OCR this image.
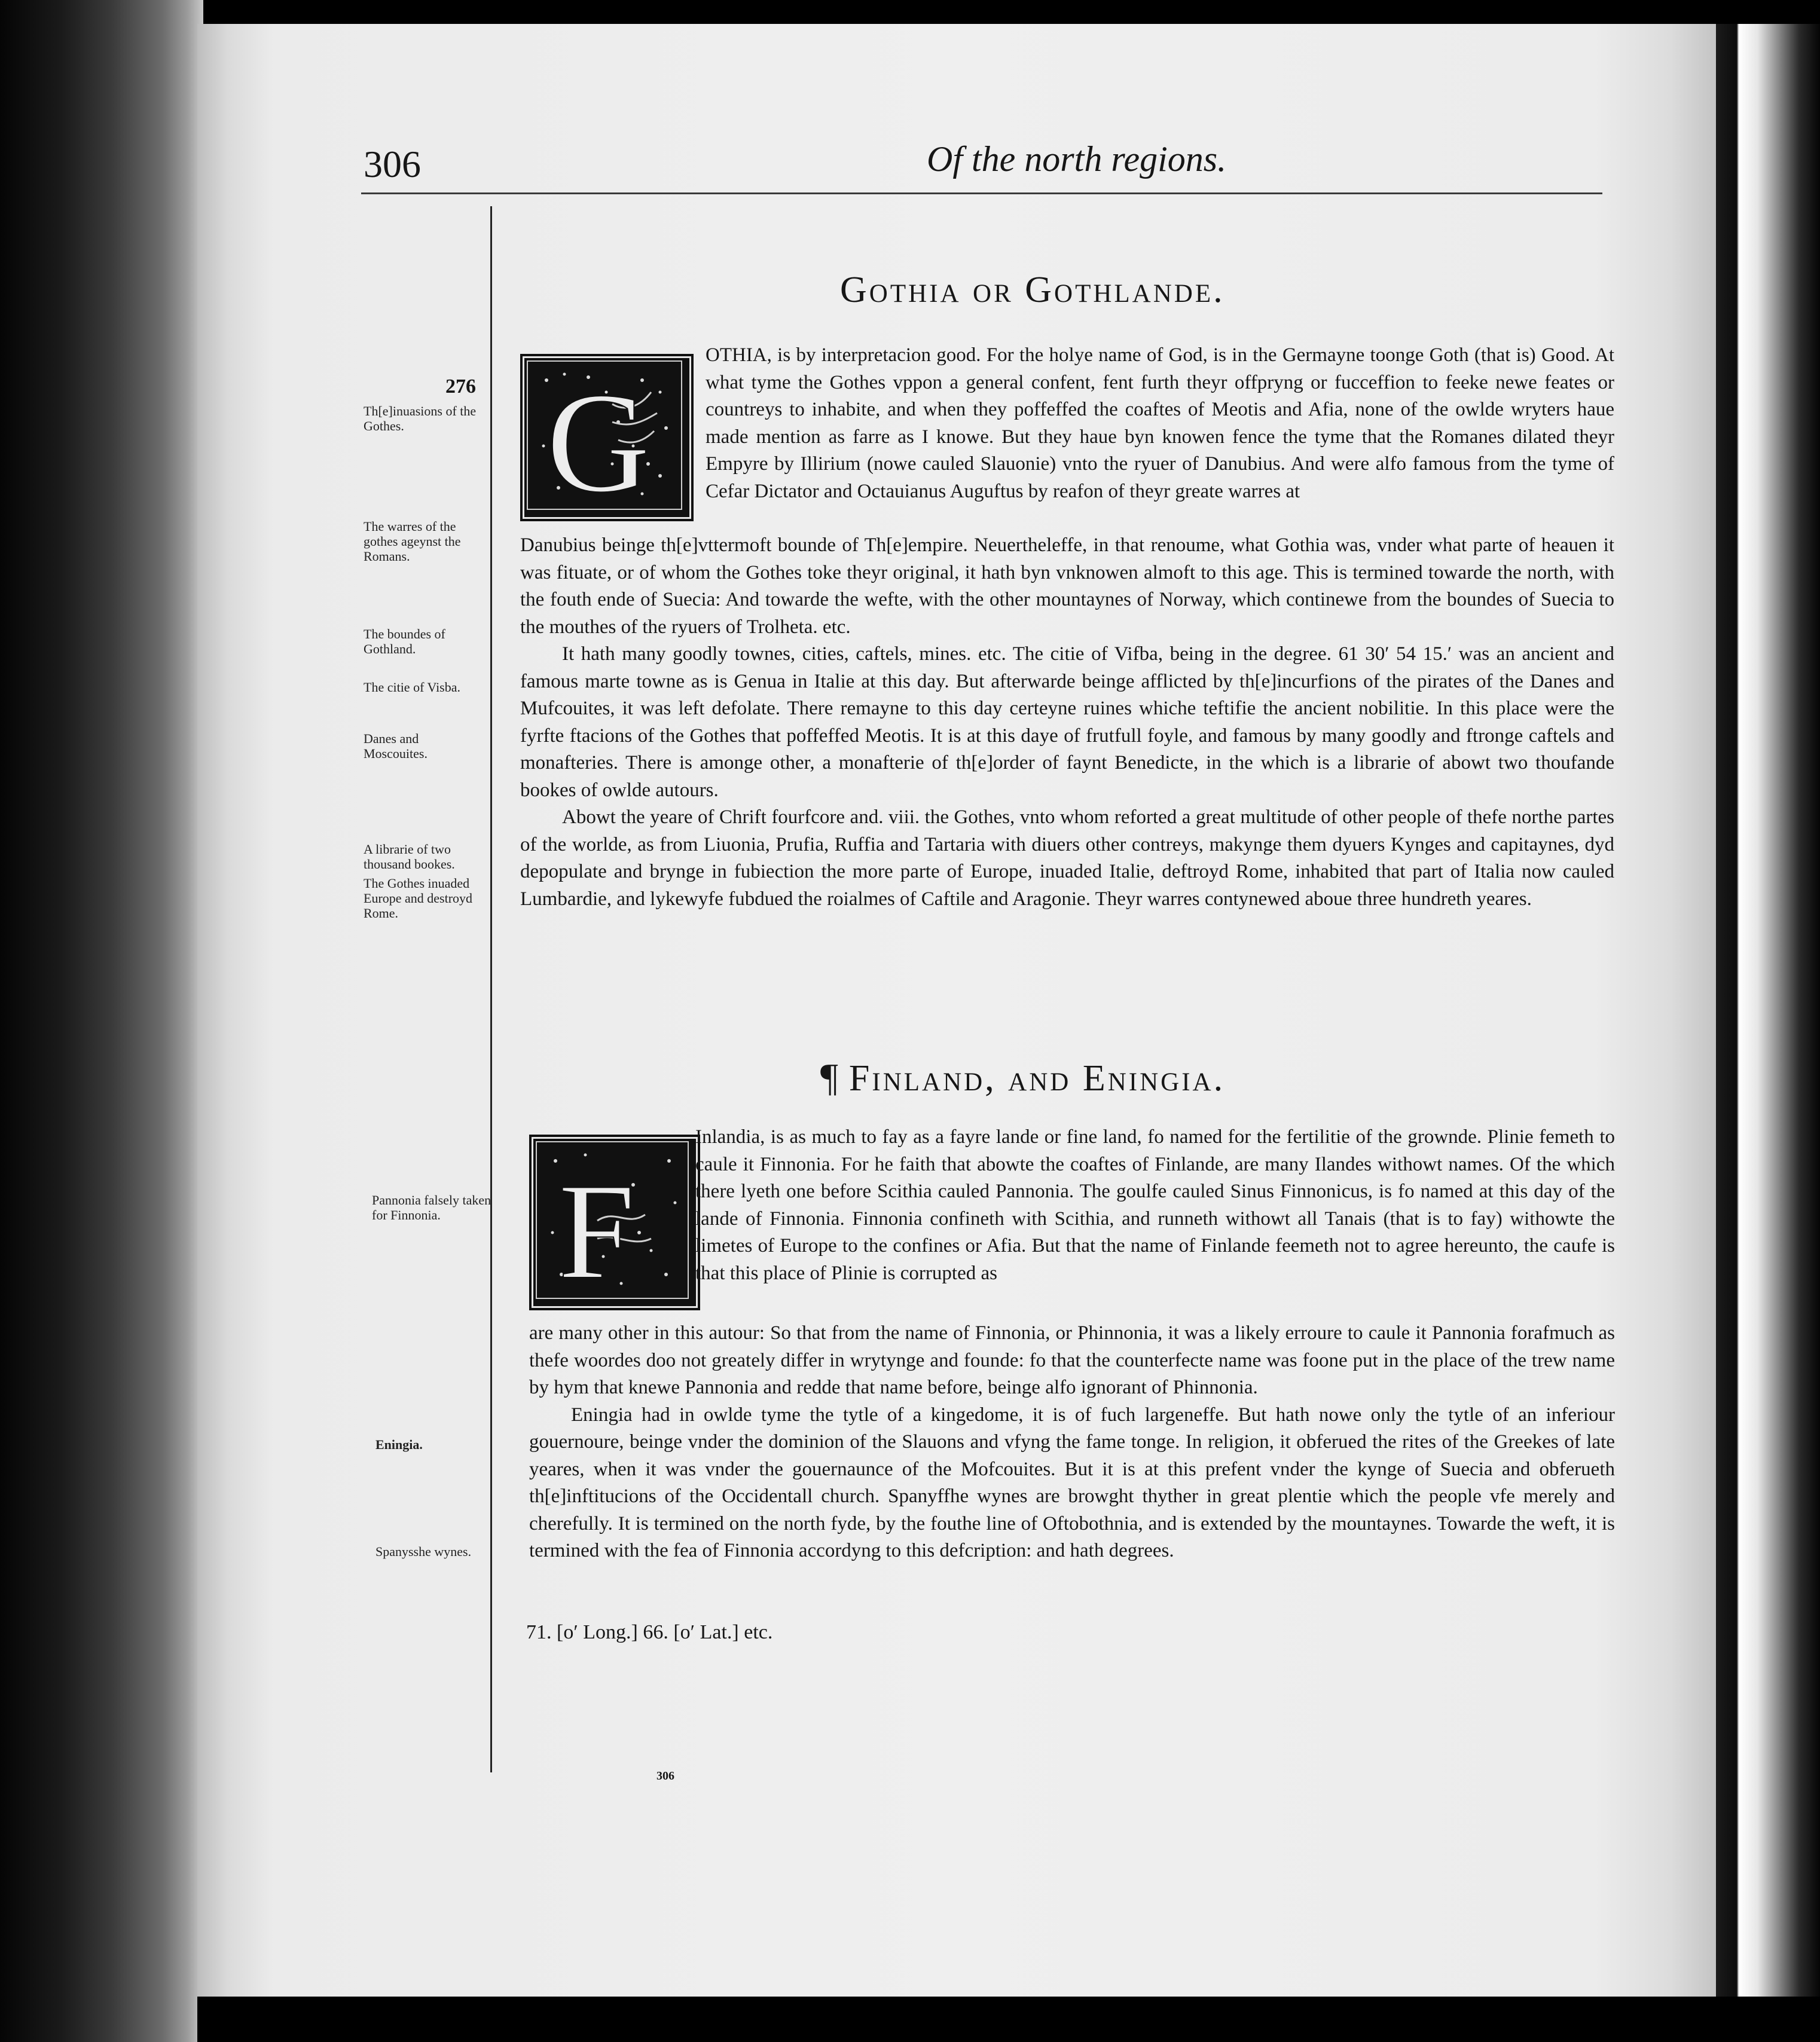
306	Of the north regions.
276
Th[e]inuasions of the Gothes.
The warres of the gothes ageynst the Romans.
The boundes of Gothland.
The citie of Visba.
Danes and Moscouites.
A librarie of two thousand bookes.
The Gothes inuaded Europe and destroyd Rome.
Pannonia falsely taken for Finnonia.
Eningia.
Spanysshe wynes.
Gothia or Gothlande.
G

OTHIA, is by interpretacion good. For the holye name of God, is in the Germayne toonge Goth (that is) Good. At what tyme the Gothes vppon a general confent, fent furth theyr offpryng or fucceffion to feeke newe feates or countreys to inhabite, and when they poffeffed the coaftes of Meotis and Afia, none of the owlde wryters haue made mention as farre as I knowe. But they haue byn knowen fence the tyme that the Romanes dilated theyr Empyre by Illirium (nowe cauled Slauonie) vnto the ryuer of Danubius. And were alfo famous from the tyme of Cefar Dictator and Octauianus Auguftus by reafon of theyr greate warres at

Danubius beinge th[e]vttermoft bounde of Th[e]empire. Neuertheleffe, in that renoume, what Gothia was, vnder what parte of heauen it was fituate, or of whom the Gothes toke theyr original, it hath byn vnknowen almoft to this age. This is termined towarde the north, with the fouth ende of Suecia: And towarde the wefte, with the other mountaynes of Norway, which continewe from the boundes of Suecia to the mouthes of the ryuers of Trolheta. etc.

It hath many goodly townes, cities, caftels, mines. etc. The citie of Vifba, being in the degree. 61 30′ 54 15.′ was an ancient and famous marte towne as is Genua in Italie at this day. But afterwarde beinge afflicted by th[e]incurfions of the pirates of the Danes and Mufcouites, it was left defolate. There remayne to this day certeyne ruines whiche teftifie the ancient nobilitie. In this place were the fyrfte ftacions of the Gothes that poffeffed Meotis. It is at this daye of frutfull foyle, and famous by many goodly and ftronge caftels and monafteries. There is amonge other, a monafterie of th[e]order of faynt Benedicte, in the which is a librarie of abowt two thoufande bookes of owlde autours.

Abowt the yeare of Chrift fourfcore and. viii. the Gothes, vnto whom reforted a great multitude of other people of thefe northe partes of the worlde, as from Liuonia, Prufia, Ruffia and Tartaria with diuers other contreys, makynge them dyuers Kynges and capitaynes, dyd depopulate and brynge in fubiection the more parte of Europe, inuaded Italie, deftroyd Rome, inhabited that part of Italia now cauled Lumbardie, and lykewyfe fubdued the roialmes of Caftile and Aragonie. Theyr warres contynewed aboue three hundreth yeares.

¶ Finland, and Eningia.
F

Inlandia, is as much to fay as a fayre lande or fine land, fo named for the fertilitie of the grownde. Plinie femeth to caule it Finnonia. For he faith that abowte the coaftes of Finlande, are many Ilandes withowt names. Of the which there lyeth one before Scithia cauled Pannonia. The goulfe cauled Sinus Finnonicus, is fo named at this day of the lande of Finnonia. Finnonia confineth with Scithia, and runneth withowt all Tanais (that is to fay) withowte the limetes of Europe to the confines or Afia. But that the name of Finlande feemeth not to agree hereunto, the caufe is that this place of Plinie is corrupted as

are many other in this autour: So that from the name of Finnonia, or Phinnonia, it was a likely erroure to caule it Pannonia forafmuch as thefe woordes doo not greately differ in wrytynge and founde: fo that the counterfecte name was foone put in the place of the trew name by hym that knewe Pannonia and redde that name before, beinge alfo ignorant of Phinnonia.

Eningia had in owlde tyme the tytle of a kingedome, it is of fuch largeneffe. But hath nowe only the tytle of an inferiour gouernoure, beinge vnder the dominion of the Slauons and vfyng the fame tonge. In religion, it obferued the rites of the Greekes of late yeares, when it was vnder the gouernaunce of the Mofcouites. But it is at this prefent vnder the kynge of Suecia and obferueth th[e]inftitucions of the Occidentall church. Spanyffhe wynes are browght thyther in great plentie which the people vfe merely and cherefully. It is termined on the north fyde, by the fouthe line of Oftobothnia, and is extended by the mountaynes. Towarde the weft, it is termined with the fea of Finnonia accordyng to this defcription: and hath degrees.

71. [o′ Long.] 66. [o′ Lat.] etc.
306
